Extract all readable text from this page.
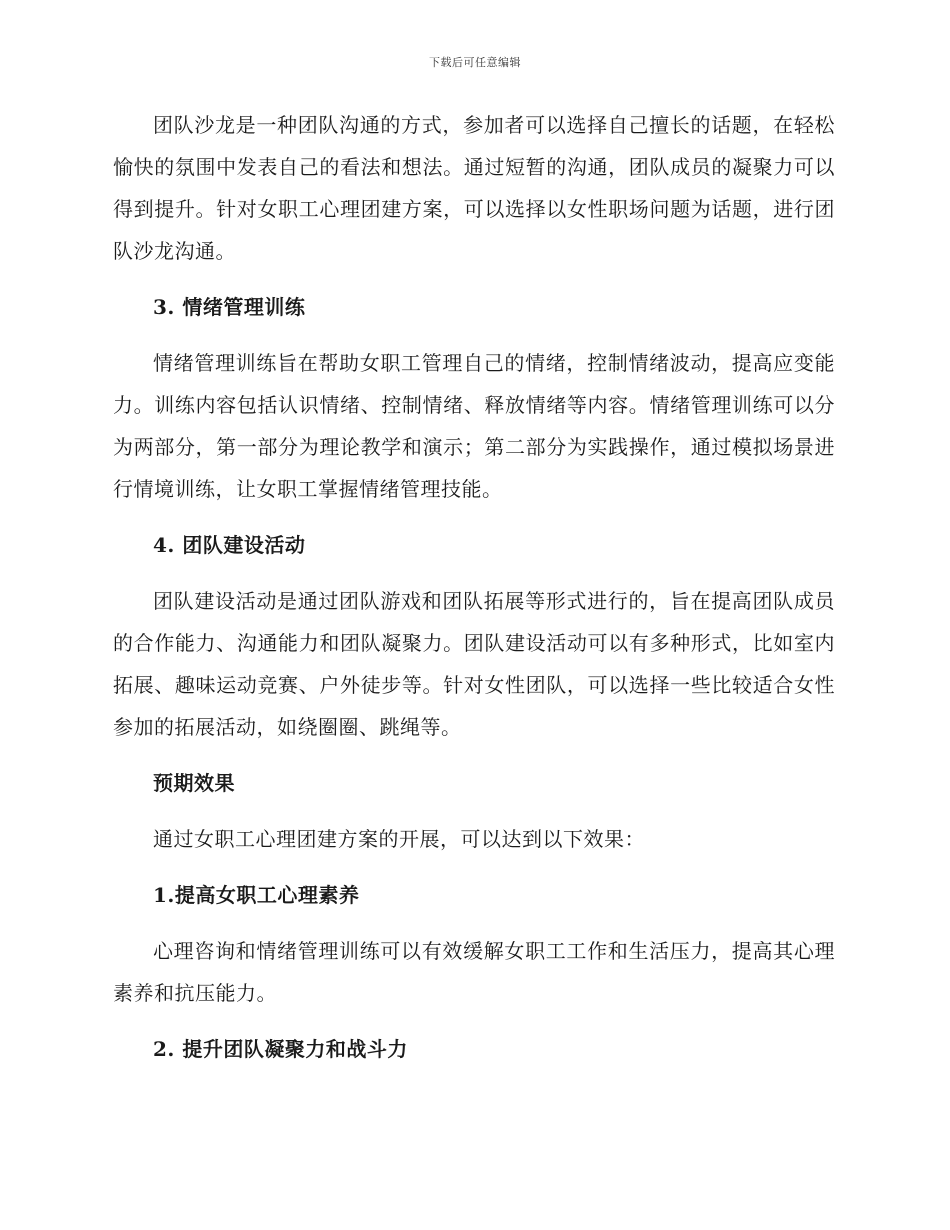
下载后可任意编辑

团队沙龙是一种团队沟通的方式，参加者可以选择自己擅长的话题，在轻松愉快的氛围中发表自己的看法和想法。通过短暂的沟通，团队成员的凝聚力可以得到提升。针对女职工心理团建方案，可以选择以女性职场问题为话题，进行团队沙龙沟通。

3. 情绪管理训练

情绪管理训练旨在帮助女职工管理自己的情绪，控制情绪波动，提高应变能力。训练内容包括认识情绪、控制情绪、释放情绪等内容。情绪管理训练可以分为两部分，第一部分为理论教学和演示；第二部分为实践操作，通过模拟场景进行情境训练，让女职工掌握情绪管理技能。

4. 团队建设活动

团队建设活动是通过团队游戏和团队拓展等形式进行的，旨在提高团队成员的合作能力、沟通能力和团队凝聚力。团队建设活动可以有多种形式，比如室内拓展、趣味运动竞赛、户外徒步等。针对女性团队，可以选择一些比较适合女性参加的拓展活动，如绕圈圈、跳绳等。

预期效果

通过女职工心理团建方案的开展，可以达到以下效果：

1.提高女职工心理素养

心理咨询和情绪管理训练可以有效缓解女职工工作和生活压力，提高其心理素养和抗压能力。

2. 提升团队凝聚力和战斗力
